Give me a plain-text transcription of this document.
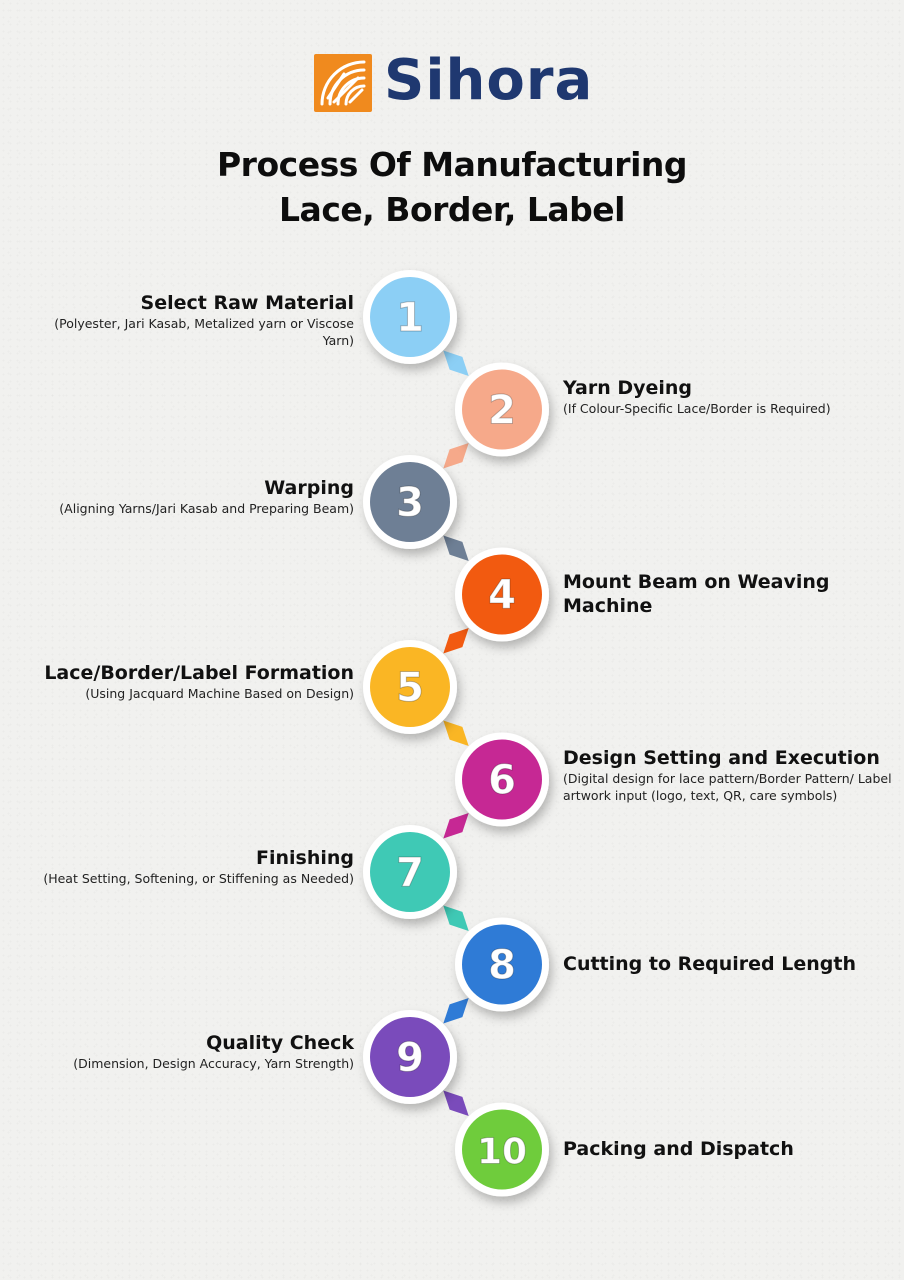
Sihora
Process Of Manufacturing
Lace, Border, Label
1
2
3
4
5
6
7
8
9
10
Select Raw Material
(Polyester, Jari Kasab, Metalized yarn or Viscose Yarn)
Yarn Dyeing
(If Colour-Specific Lace/Border is Required)
Warping
(Aligning Yarns/Jari Kasab and Preparing Beam)
Mount Beam on Weaving Machine
Lace/Border/Label Formation
(Using Jacquard Machine Based on Design)
Design Setting and Execution
(Digital design for lace pattern/Border Pattern/ Label artwork input (logo, text, QR, care symbols)
Finishing
(Heat Setting, Softening, or Stiffening as Needed)
Cutting to Required Length
Quality Check
(Dimension, Design Accuracy, Yarn Strength)
Packing and Dispatch
